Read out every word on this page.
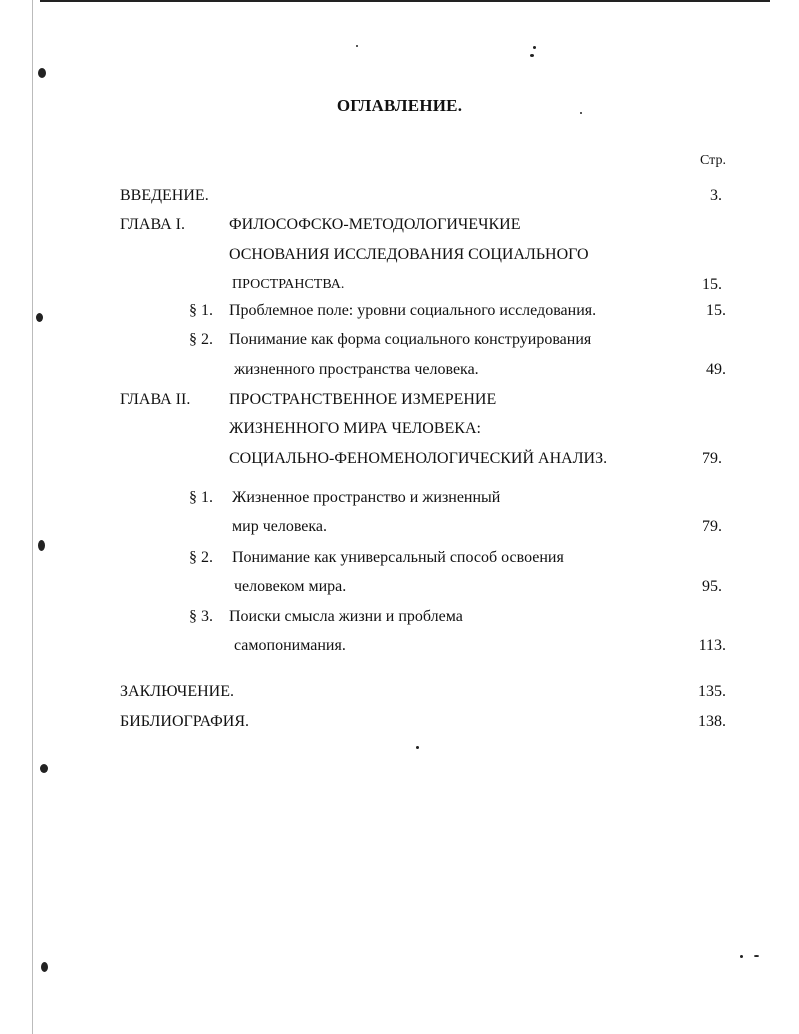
ОГЛАВЛЕНИЕ.
Стр.
ВВЕДЕНИЕ.	3.
ГЛАВА I.	ФИЛОСОФСКО-МЕТОДОЛОГИЧЕЧКИЕ
ОСНОВАНИЯ ИССЛЕДОВАНИЯ СОЦИАЛЬНОГО
ПРОСТРАНСТВА.	15.
§ 1. Проблемное поле: уровни социального исследования.	15.
§ 2. Понимание как форма социального конструирования
жизненного пространства человека.	49.
ГЛАВА II. ПРОСТРАНСТВЕННОЕ ИЗМЕРЕНИЕ
ЖИЗНЕННОГО МИРА ЧЕЛОВЕКА:
СОЦИАЛЬНО-ФЕНОМЕНОЛОГИЧЕСКИЙ АНАЛИЗ.	79.
§ 1. Жизненное пространство и жизненный
мир человека.	79.
§ 2. Понимание как универсальный способ освоения
человеком мира.	95.
§ 3. Поиски смысла жизни и проблема
самопонимания.	113.
ЗАКЛЮЧЕНИЕ.	135.
БИБЛИОГРАФИЯ.	138.
